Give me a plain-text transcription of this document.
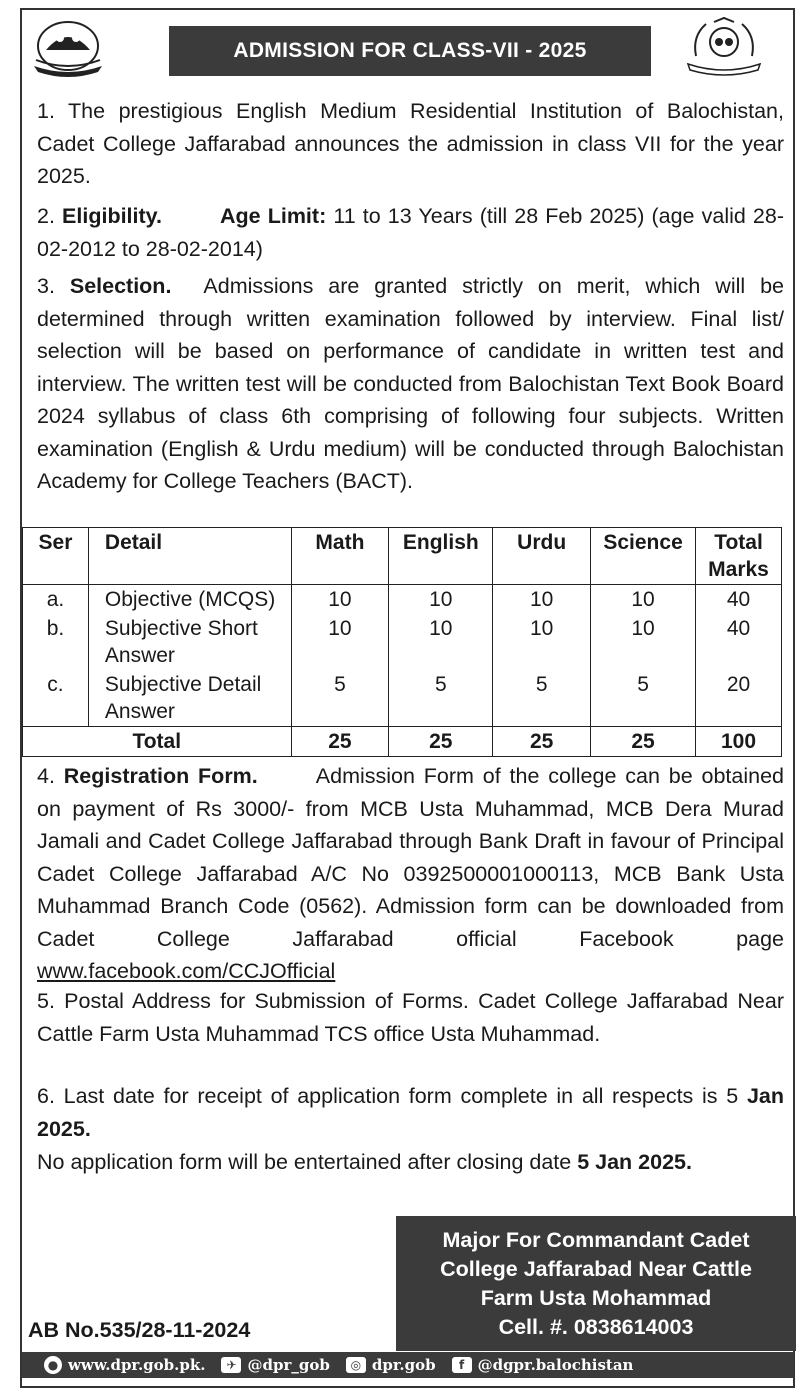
ADMISSION FOR CLASS-VII - 2025

1. The prestigious English Medium Residential Institution of Balochistan, Cadet College Jaffarabad announces the admission in class VII for the year 2025.

2. Eligibility.	Age Limit: 11 to 13 Years (till 28 Feb 2025) (age valid 28-02-2012 to 28-02-2014)

3. Selection. Admissions are granted strictly on merit, which will be determined through written examination followed by interview. Final list/ selection will be based on performance of candidate in written test and interview. The written test will be conducted from Balochistan Text Book Board 2024 syllabus of class 6th comprising of following four subjects. Written examination (English & Urdu medium) will be conducted through Balochistan Academy for College Teachers (BACT).

Ser	Detail	Math	English	Urdu	Science	Total Marks
a.	Objective (MCQS)	10	10	10	10	40
b.	Subjective Short Answer	10	10	10	10	40
c.	Subjective Detail Answer	5	5	5	5	20
Total		25	25	25	25	100

4. Registration Form.	Admission Form of the college can be obtained on payment of Rs 3000/- from MCB Usta Muhammad, MCB Dera Murad Jamali and Cadet College Jaffarabad through Bank Draft in favour of Principal Cadet College Jaffarabad A/C No 0392500001000113, MCB Bank Usta Muhammad Branch Code (0562). Admission form can be downloaded from Cadet College Jaffarabad official Facebook page www.facebook.com/CCJOfficial

5. Postal Address for Submission of Forms. Cadet College Jaffarabad Near Cattle Farm Usta Muhammad TCS office Usta Muhammad.

6. Last date for receipt of application form complete in all respects is 5 Jan 2025.

No application form will be entertained after closing date 5 Jan 2025.

Major For Commandant Cadet
College Jaffarabad Near Cattle
Farm Usta Mohammad
Cell. #. 0838614003
AB No.535/28-11-2024
● www.dpr.gob.pk.	✈ @dpr_gob	◎ dpr.gob	f @dgpr.balochistan
